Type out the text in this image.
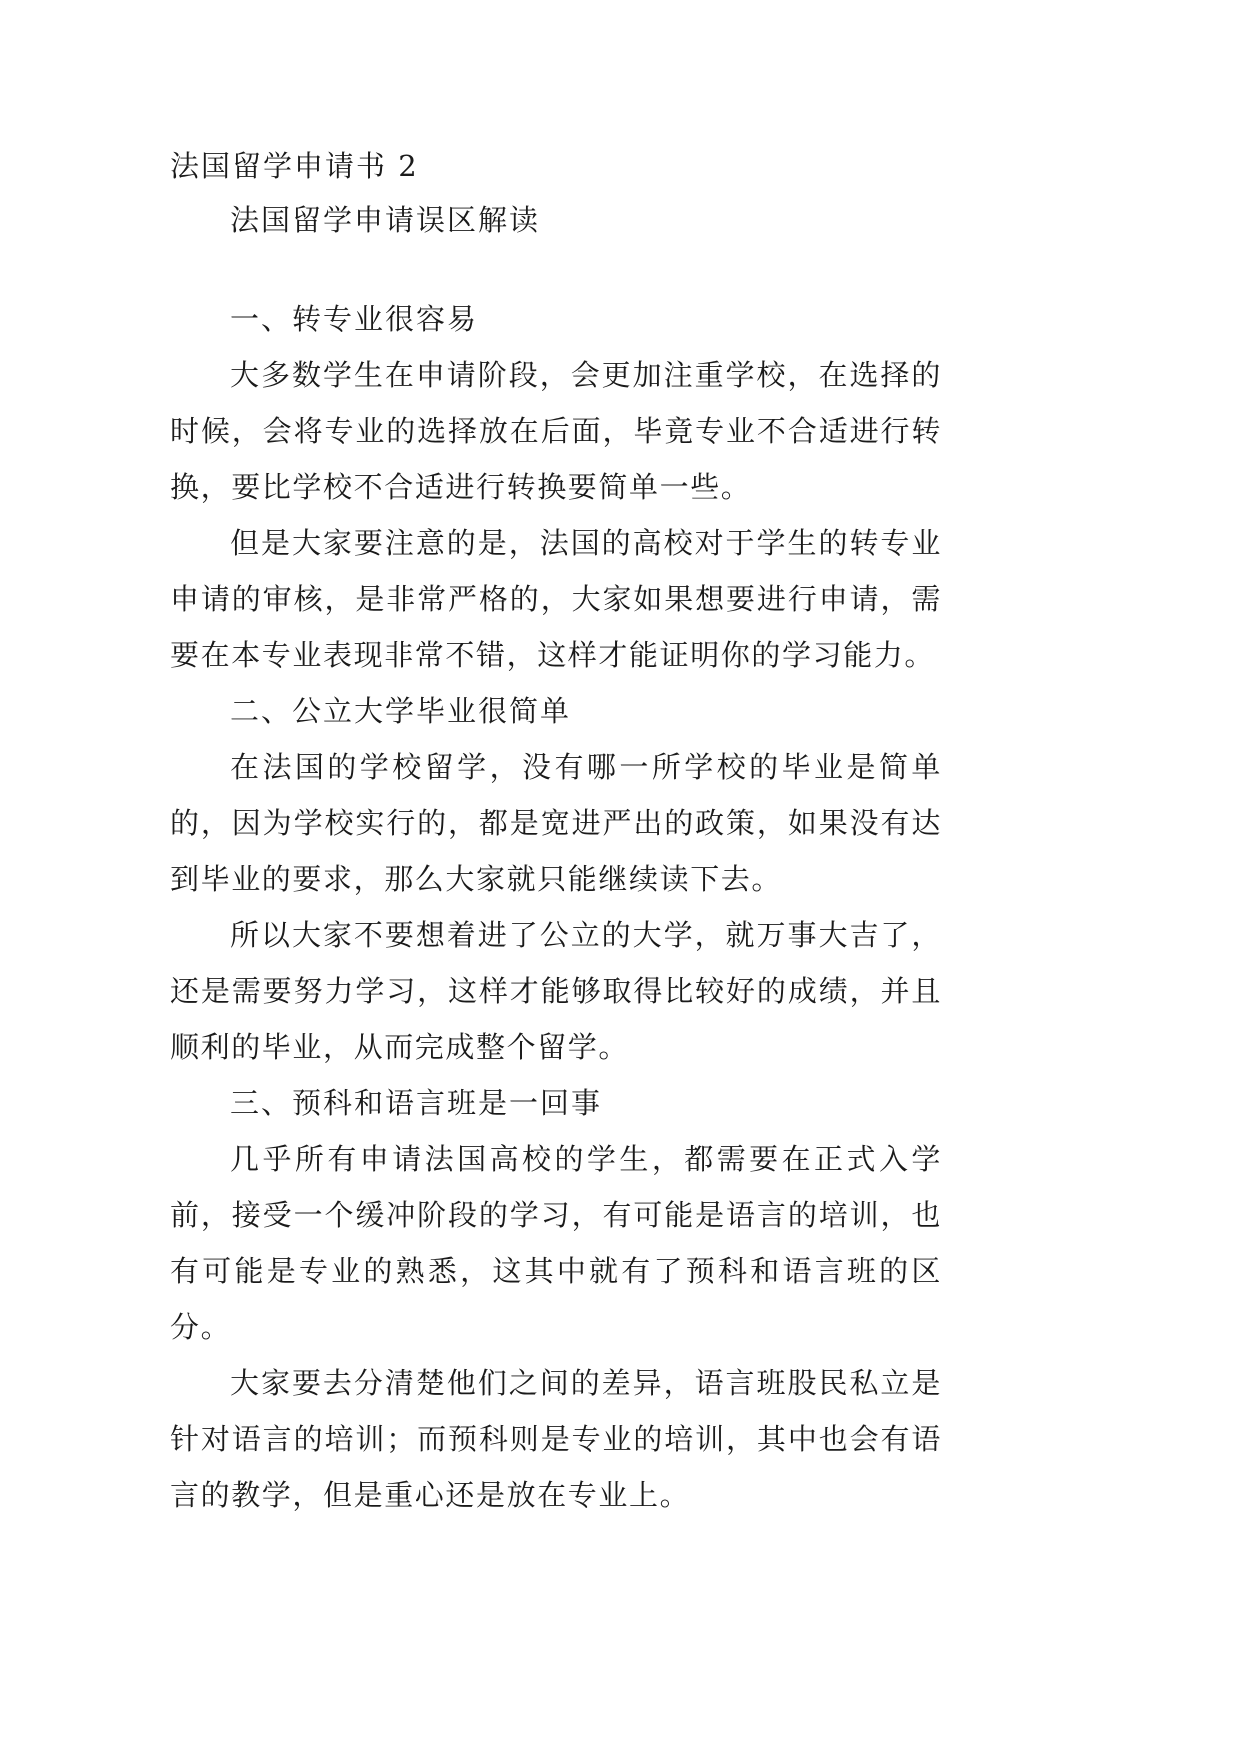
法国留学申请书 2
法国留学申请误区解读
一、转专业很容易

大多数学生在申请阶段，会更加注重学校，在选择的时候，会将专业的选择放在后面，毕竟专业不合适进行转换，要比学校不合适进行转换要简单一些。

但是大家要注意的是，法国的高校对于学生的转专业申请的审核，是非常严格的，大家如果想要进行申请，需要在本专业表现非常不错，这样才能证明你的学习能力。

二、公立大学毕业很简单

在法国的学校留学，没有哪一所学校的毕业是简单的，因为学校实行的，都是宽进严出的政策，如果没有达到毕业的要求，那么大家就只能继续读下去。

所以大家不要想着进了公立的大学，就万事大吉了，还是需要努力学习，这样才能够取得比较好的成绩，并且顺利的毕业，从而完成整个留学。

三、预科和语言班是一回事

几乎所有申请法国高校的学生，都需要在正式入学前，接受一个缓冲阶段的学习，有可能是语言的培训，也有可能是专业的熟悉，这其中就有了预科和语言班的区分。

大家要去分清楚他们之间的差异，语言班股民私立是针对语言的培训；而预科则是专业的培训，其中也会有语言的教学，但是重心还是放在专业上。
